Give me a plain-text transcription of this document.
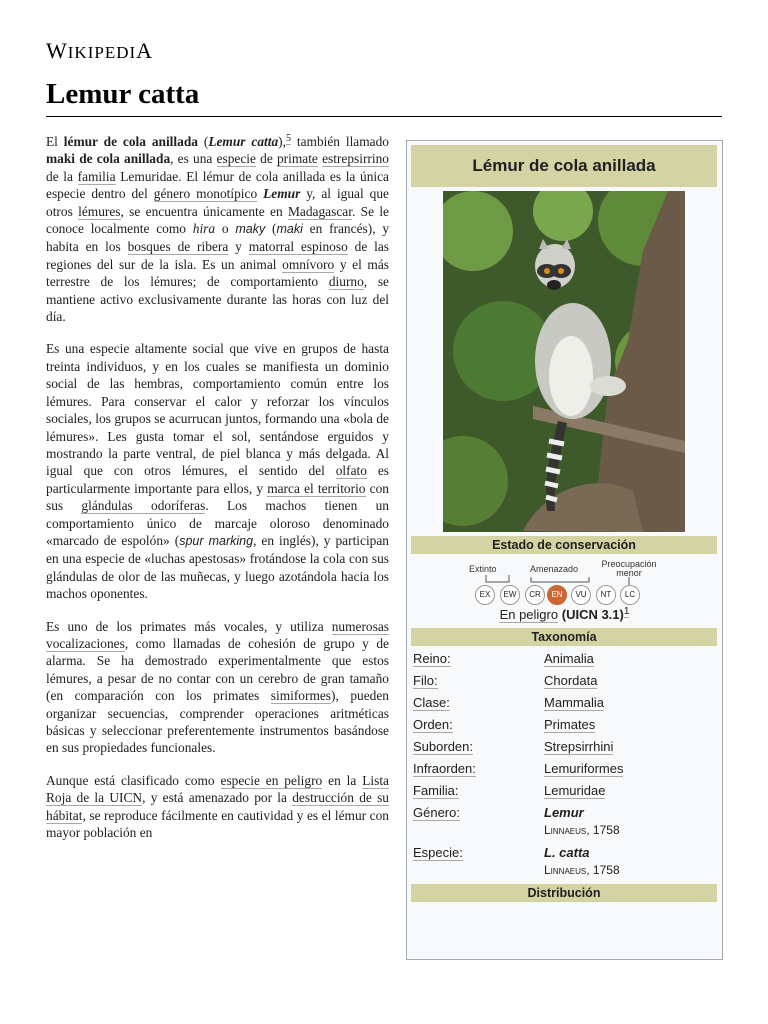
WIKIPEDIA
Lemur catta

El lémur de cola anillada (Lemur catta),$^5$ también llamado maki de cola anillada, es una especie de primate estrepsirrino de la familia Lemuridae. El lémur de cola anillada es la única especie dentro del género monotípico Lemur y, al igual que otros lémures, se encuentra únicamente en Madagascar. Se le conoce localmente como hira o maky (maki en francés), y habita en los bosques de ribera y matorral espinoso de las regiones del sur de la isla. Es un animal omnívoro y el más terrestre de los lémures; de comportamiento diurno, se mantiene activo exclusivamente durante las horas con luz del día.

Es una especie altamente social que vive en grupos de hasta treinta individuos, y en los cuales se manifiesta un dominio social de las hembras, comportamiento común entre los lémures. Para conservar el calor y reforzar los vínculos sociales, los grupos se acurrucan juntos, formando una «bola de lémures». Les gusta tomar el sol, sentándose erguidos y mostrando la parte ventral, de piel blanca y más delgada. Al igual que con otros lémures, el sentido del olfato es particularmente importante para ellos, y marca el territorio con sus glándulas odoríferas. Los machos tienen un comportamiento único de marcaje oloroso denominado «marcado de espolón» (spur marking, en inglés), y participan en una especie de «luchas apestosas» frotándose la cola con sus glándulas de olor de las muñecas, y luego azotándola hacia los machos oponentes.

Es uno de los primates más vocales, y utiliza numerosas vocalizaciones, como llamadas de cohesión de grupo y de alarma. Se ha demostrado experimentalmente que estos lémures, a pesar de no contar con un cerebro de gran tamaño (en comparación con los primates simiformes), pueden organizar secuencias, comprender operaciones aritméticas básicas y seleccionar preferentemente instrumentos basándose en sus propiedades funcionales.

Aunque está clasificado como especie en peligro en la Lista Roja de la UICN, y está amenazado por la destrucción de su hábitat, se reproduce fácilmente en cautividad y es el lémur con mayor población en

Lémur de cola anillada
Estado de conservación
Extinto	Amenazado	Preocupación
menor
EX	EW	CR	EN	VU	NT	LC
En peligro (UICN 3.1)$^1$
Taxonomía
Reino:	Animalia
Filo:	Chordata
Clase:	Mammalia
Orden:	Primates
Suborden:	Strepsirrhini
Infraorden:	Lemuriformes
Familia:	Lemuridae
Género:	Lemur
Linnaeus, 1758
Especie:	L. catta
Linnaeus, 1758
Distribución
